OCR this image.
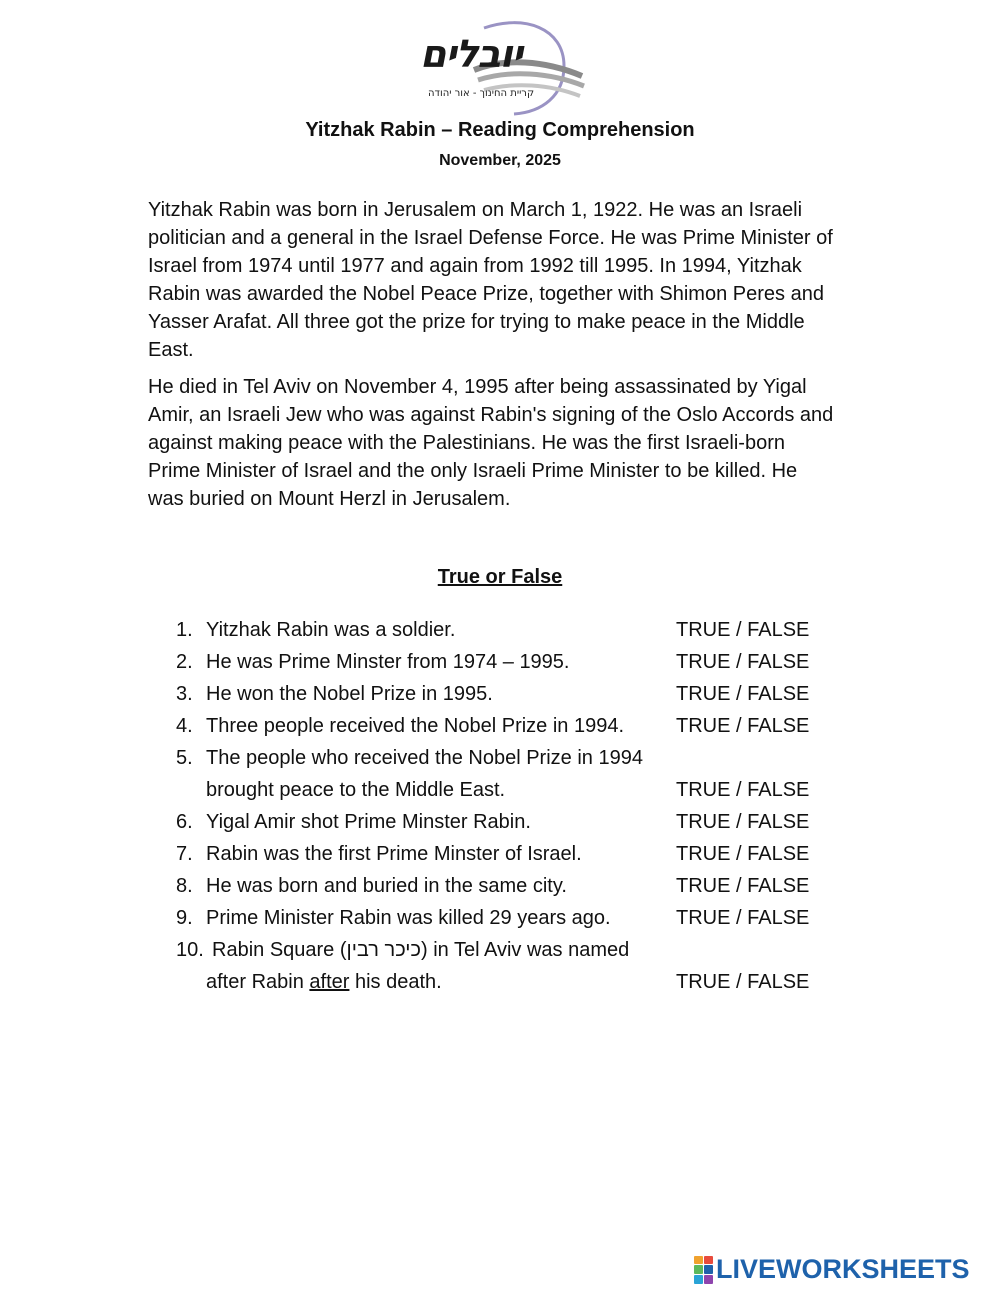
יובלים
קריית החינוך - אור יהודה
Yitzhak Rabin – Reading Comprehension
November, 2025

Yitzhak Rabin was born in Jerusalem on March 1, 1922. He was an Israeli politician and a general in the Israel Defense Force. He was Prime Minister of Israel from 1974 until 1977 and again from 1992 till 1995. In 1994, Yitzhak Rabin was awarded the Nobel Peace Prize, together with Shimon Peres and Yasser Arafat. All three got the prize for trying to make peace in the Middle East.

He died in Tel Aviv on November 4, 1995 after being assassinated by Yigal Amir, an Israeli Jew who was against Rabin's signing of the Oslo Accords and against making peace with the Palestinians. He was the first Israeli-born Prime Minister of Israel and the only Israeli Prime Minister to be killed. He was buried on Mount Herzl in Jerusalem.

True or False
1. Yitzhak Rabin was a soldier.	TRUE / FALSE
2. He was Prime Minster from 1974 – 1995.	TRUE / FALSE
3. He won the Nobel Prize in 1995.	TRUE / FALSE
4. Three people received the Nobel Prize in 1994.	TRUE / FALSE
5. The people who received the Nobel Prize in 1994
brought peace to the Middle East.	TRUE / FALSE
6. Yigal Amir shot Prime Minster Rabin.	TRUE / FALSE
7. Rabin was the first Prime Minster of Israel.	TRUE / FALSE
8. He was born and buried in the same city.	TRUE / FALSE
9. Prime Minister Rabin was killed 29 years ago.	TRUE / FALSE
10. Rabin Square (כיכר רבין) in Tel Aviv was named
after Rabin after his death.	TRUE / FALSE
LIVEWORKSHEETS
